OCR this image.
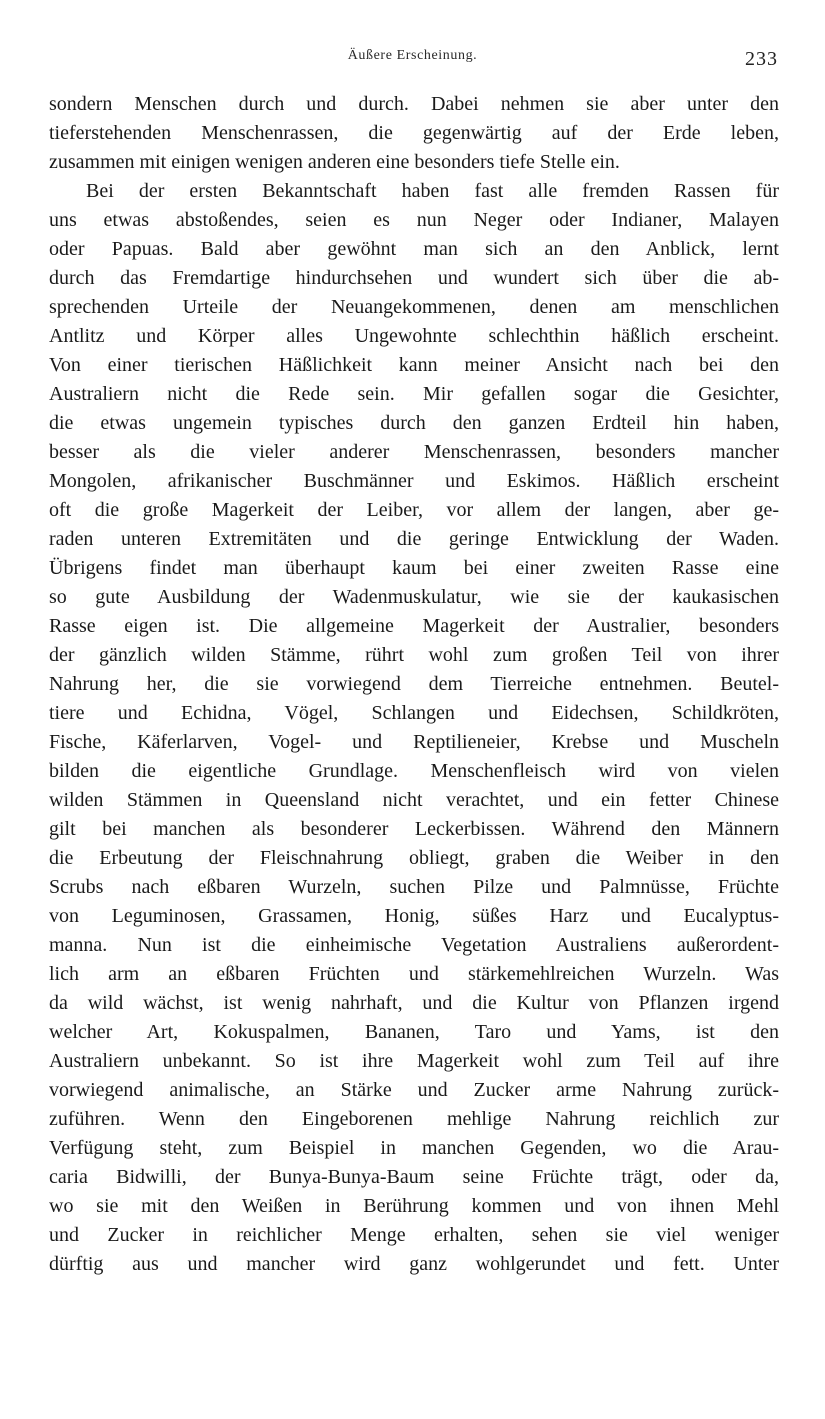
Äußere Erscheinung.	233
sondern Menschen durch und durch. Dabei nehmen sie aber unter den
tieferstehenden Menschenrassen, die gegenwärtig auf der Erde leben,
zusammen mit einigen wenigen anderen eine besonders tiefe Stelle ein.
Bei der ersten Bekanntschaft haben fast alle fremden Rassen für
uns etwas abstoßendes, seien es nun Neger oder Indianer, Malayen
oder Papuas. Bald aber gewöhnt man sich an den Anblick, lernt
durch das Fremdartige hindurchsehen und wundert sich über die ab-
sprechenden Urteile der Neuangekommenen, denen am menschlichen
Antlitz und Körper alles Ungewohnte schlechthin häßlich erscheint.
Von einer tierischen Häßlichkeit kann meiner Ansicht nach bei den
Australiern nicht die Rede sein. Mir gefallen sogar die Gesichter,
die etwas ungemein typisches durch den ganzen Erdteil hin haben,
besser als die vieler anderer Menschenrassen, besonders mancher
Mongolen, afrikanischer Buschmänner und Eskimos. Häßlich erscheint
oft die große Magerkeit der Leiber, vor allem der langen, aber ge-
raden unteren Extremitäten und die geringe Entwicklung der Waden.
Übrigens findet man überhaupt kaum bei einer zweiten Rasse eine
so gute Ausbildung der Wadenmuskulatur, wie sie der kaukasischen
Rasse eigen ist. Die allgemeine Magerkeit der Australier, besonders
der gänzlich wilden Stämme, rührt wohl zum großen Teil von ihrer
Nahrung her, die sie vorwiegend dem Tierreiche entnehmen. Beutel-
tiere und Echidna, Vögel, Schlangen und Eidechsen, Schildkröten,
Fische, Käferlarven, Vogel- und Reptilieneier, Krebse und Muscheln
bilden die eigentliche Grundlage. Menschenfleisch wird von vielen
wilden Stämmen in Queensland nicht verachtet, und ein fetter Chinese
gilt bei manchen als besonderer Leckerbissen. Während den Männern
die Erbeutung der Fleischnahrung obliegt, graben die Weiber in den
Scrubs nach eßbaren Wurzeln, suchen Pilze und Palmnüsse, Früchte
von Leguminosen, Grassamen, Honig, süßes Harz und Eucalyptus-
manna. Nun ist die einheimische Vegetation Australiens außerordent-
lich arm an eßbaren Früchten und stärkemehlreichen Wurzeln. Was
da wild wächst, ist wenig nahrhaft, und die Kultur von Pflanzen irgend
welcher Art, Kokuspalmen, Bananen, Taro und Yams, ist den
Australiern unbekannt. So ist ihre Magerkeit wohl zum Teil auf ihre
vorwiegend animalische, an Stärke und Zucker arme Nahrung zurück-
zuführen. Wenn den Eingeborenen mehlige Nahrung reichlich zur
Verfügung steht, zum Beispiel in manchen Gegenden, wo die Arau-
caria Bidwilli, der Bunya-Bunya-Baum seine Früchte trägt, oder da,
wo sie mit den Weißen in Berührung kommen und von ihnen Mehl
und Zucker in reichlicher Menge erhalten, sehen sie viel weniger
dürftig aus und mancher wird ganz wohlgerundet und fett. Unter
